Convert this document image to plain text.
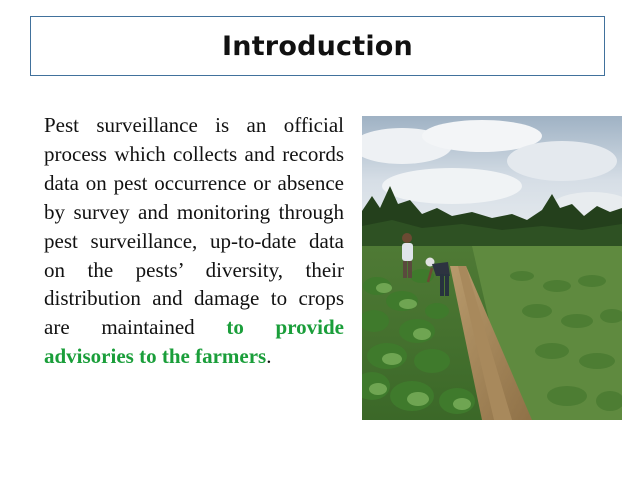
Introduction
Pest surveillance is an official process which collects and records data on pest occurrence or absence by survey and monitoring through pest surveillance, up-to-date data on the pests’ diversity, their distribution and damage to crops are maintained to provide advisories to the farmers.
